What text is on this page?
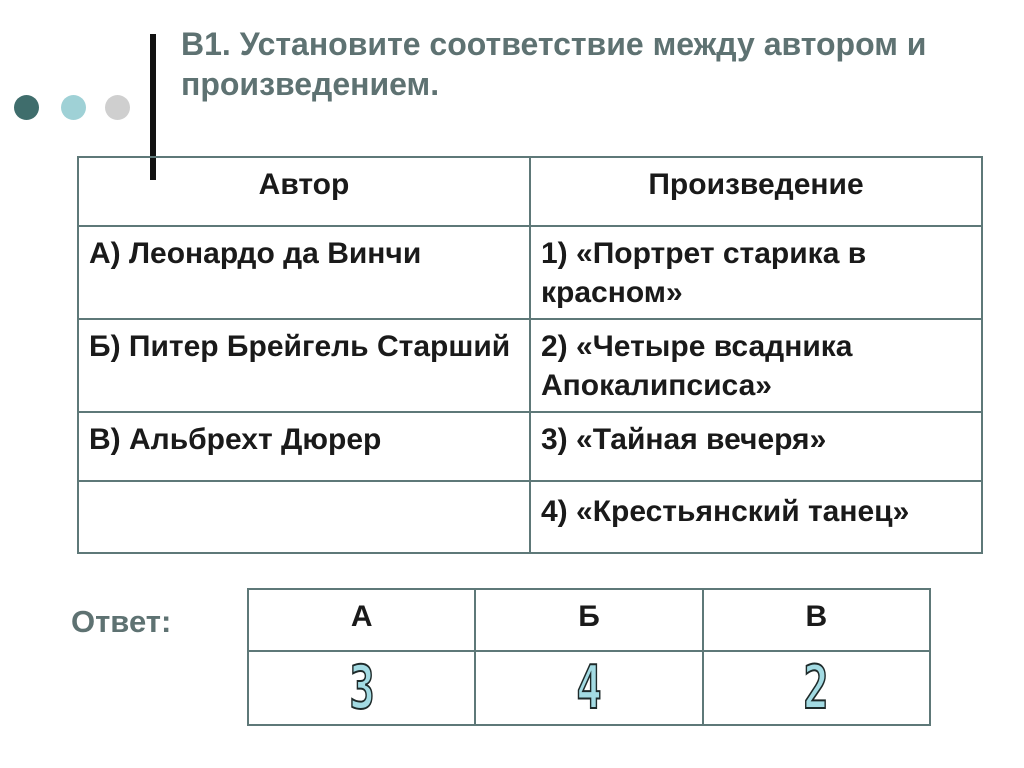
В1. Установите соответствие между автором и произведением.
Автор	Произведение
А) Леонардо да Винчи	1) «Портрет старика в красном»
Б) Питер Брейгель Старший	2) «Четыре всадника Апокалипсиса»
В) Альбрехт Дюрер	3) «Тайная вечеря»
	4) «Крестьянский танец»
Ответ:	А	Б	В
3	4	2
